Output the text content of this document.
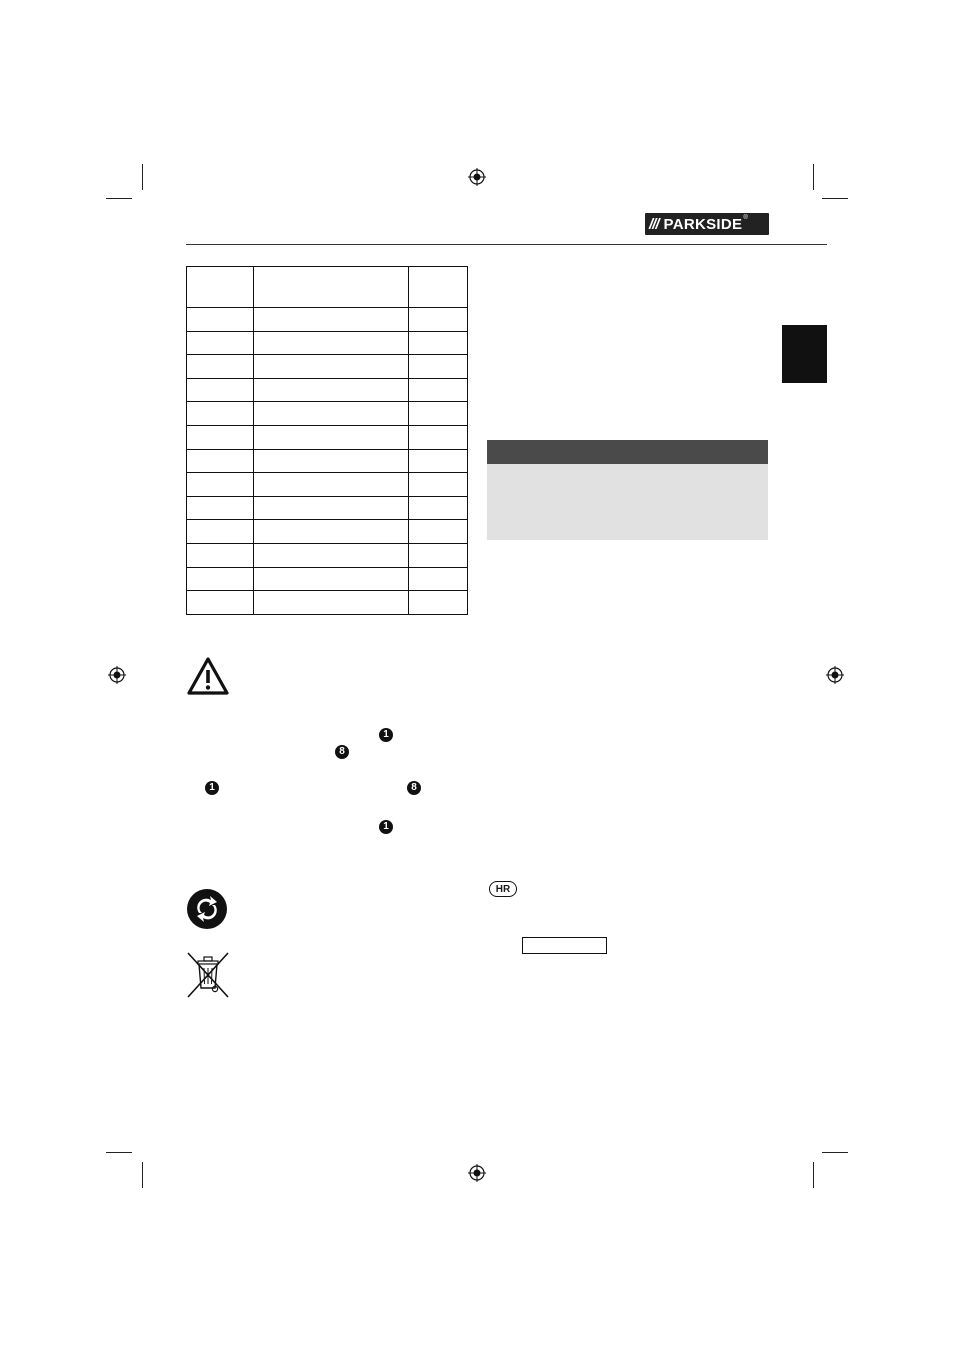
/// PARKSIDE ®

1
8
1	8
1
HR
